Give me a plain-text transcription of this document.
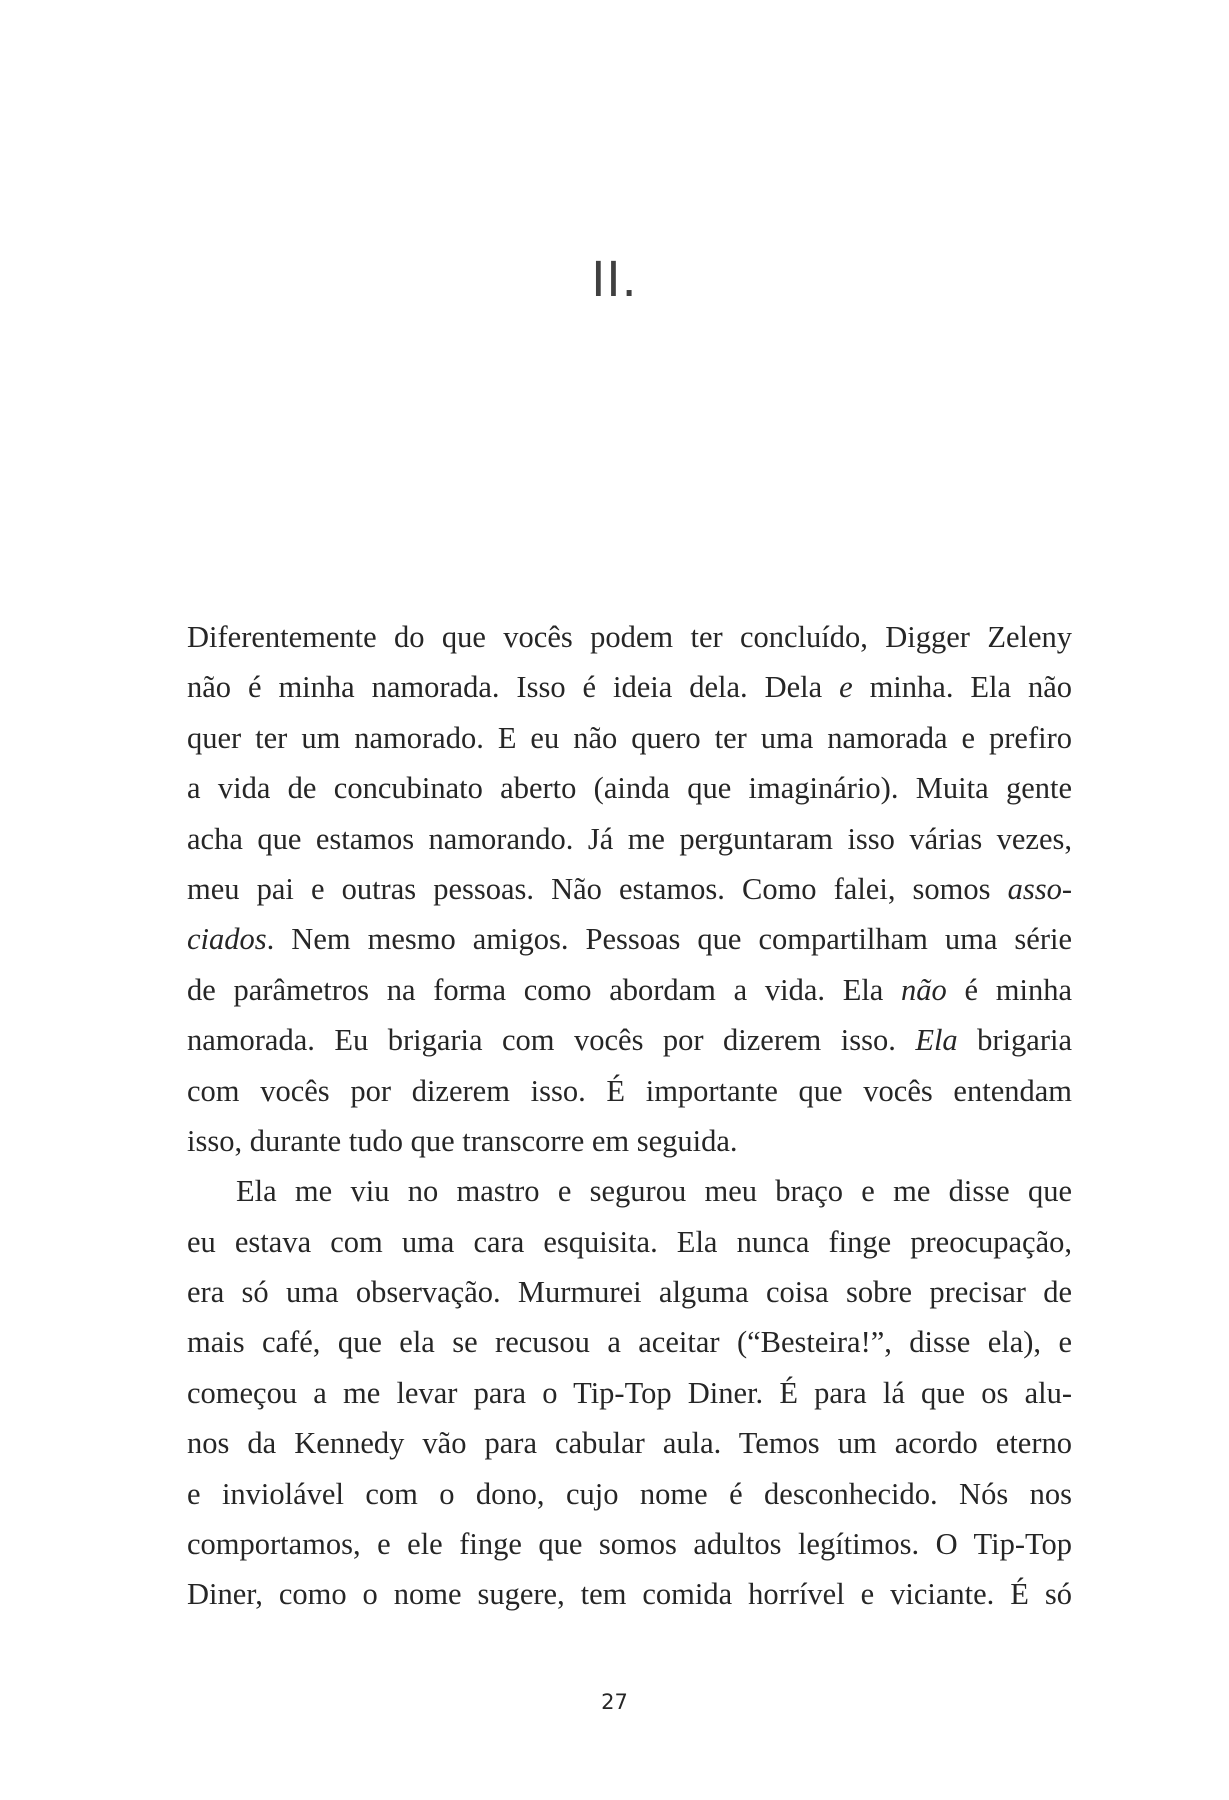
II.
Diferentemente do que vocês podem ter concluído, Digger Zeleny
não é minha namorada. Isso é ideia dela. Dela e minha. Ela não
quer ter um namorado. E eu não quero ter uma namorada e prefiro
a vida de concubinato aberto (ainda que imaginário). Muita gente
acha que estamos namorando. Já me perguntaram isso várias vezes,
meu pai e outras pessoas. Não estamos. Como falei, somos asso-
ciados. Nem mesmo amigos. Pessoas que compartilham uma série
de parâmetros na forma como abordam a vida. Ela não é minha
namorada. Eu brigaria com vocês por dizerem isso. Ela brigaria
com vocês por dizerem isso. É importante que vocês entendam
isso, durante tudo que transcorre em seguida.
Ela me viu no mastro e segurou meu braço e me disse que
eu estava com uma cara esquisita. Ela nunca finge preocupação,
era só uma observação. Murmurei alguma coisa sobre precisar de
mais café, que ela se recusou a aceitar (“Besteira!”, disse ela), e
começou a me levar para o Tip-Top Diner. É para lá que os alu-
nos da Kennedy vão para cabular aula. Temos um acordo eterno
e inviolável com o dono, cujo nome é desconhecido. Nós nos
comportamos, e ele finge que somos adultos legítimos. O Tip-Top
Diner, como o nome sugere, tem comida horrível e viciante. É só
27
